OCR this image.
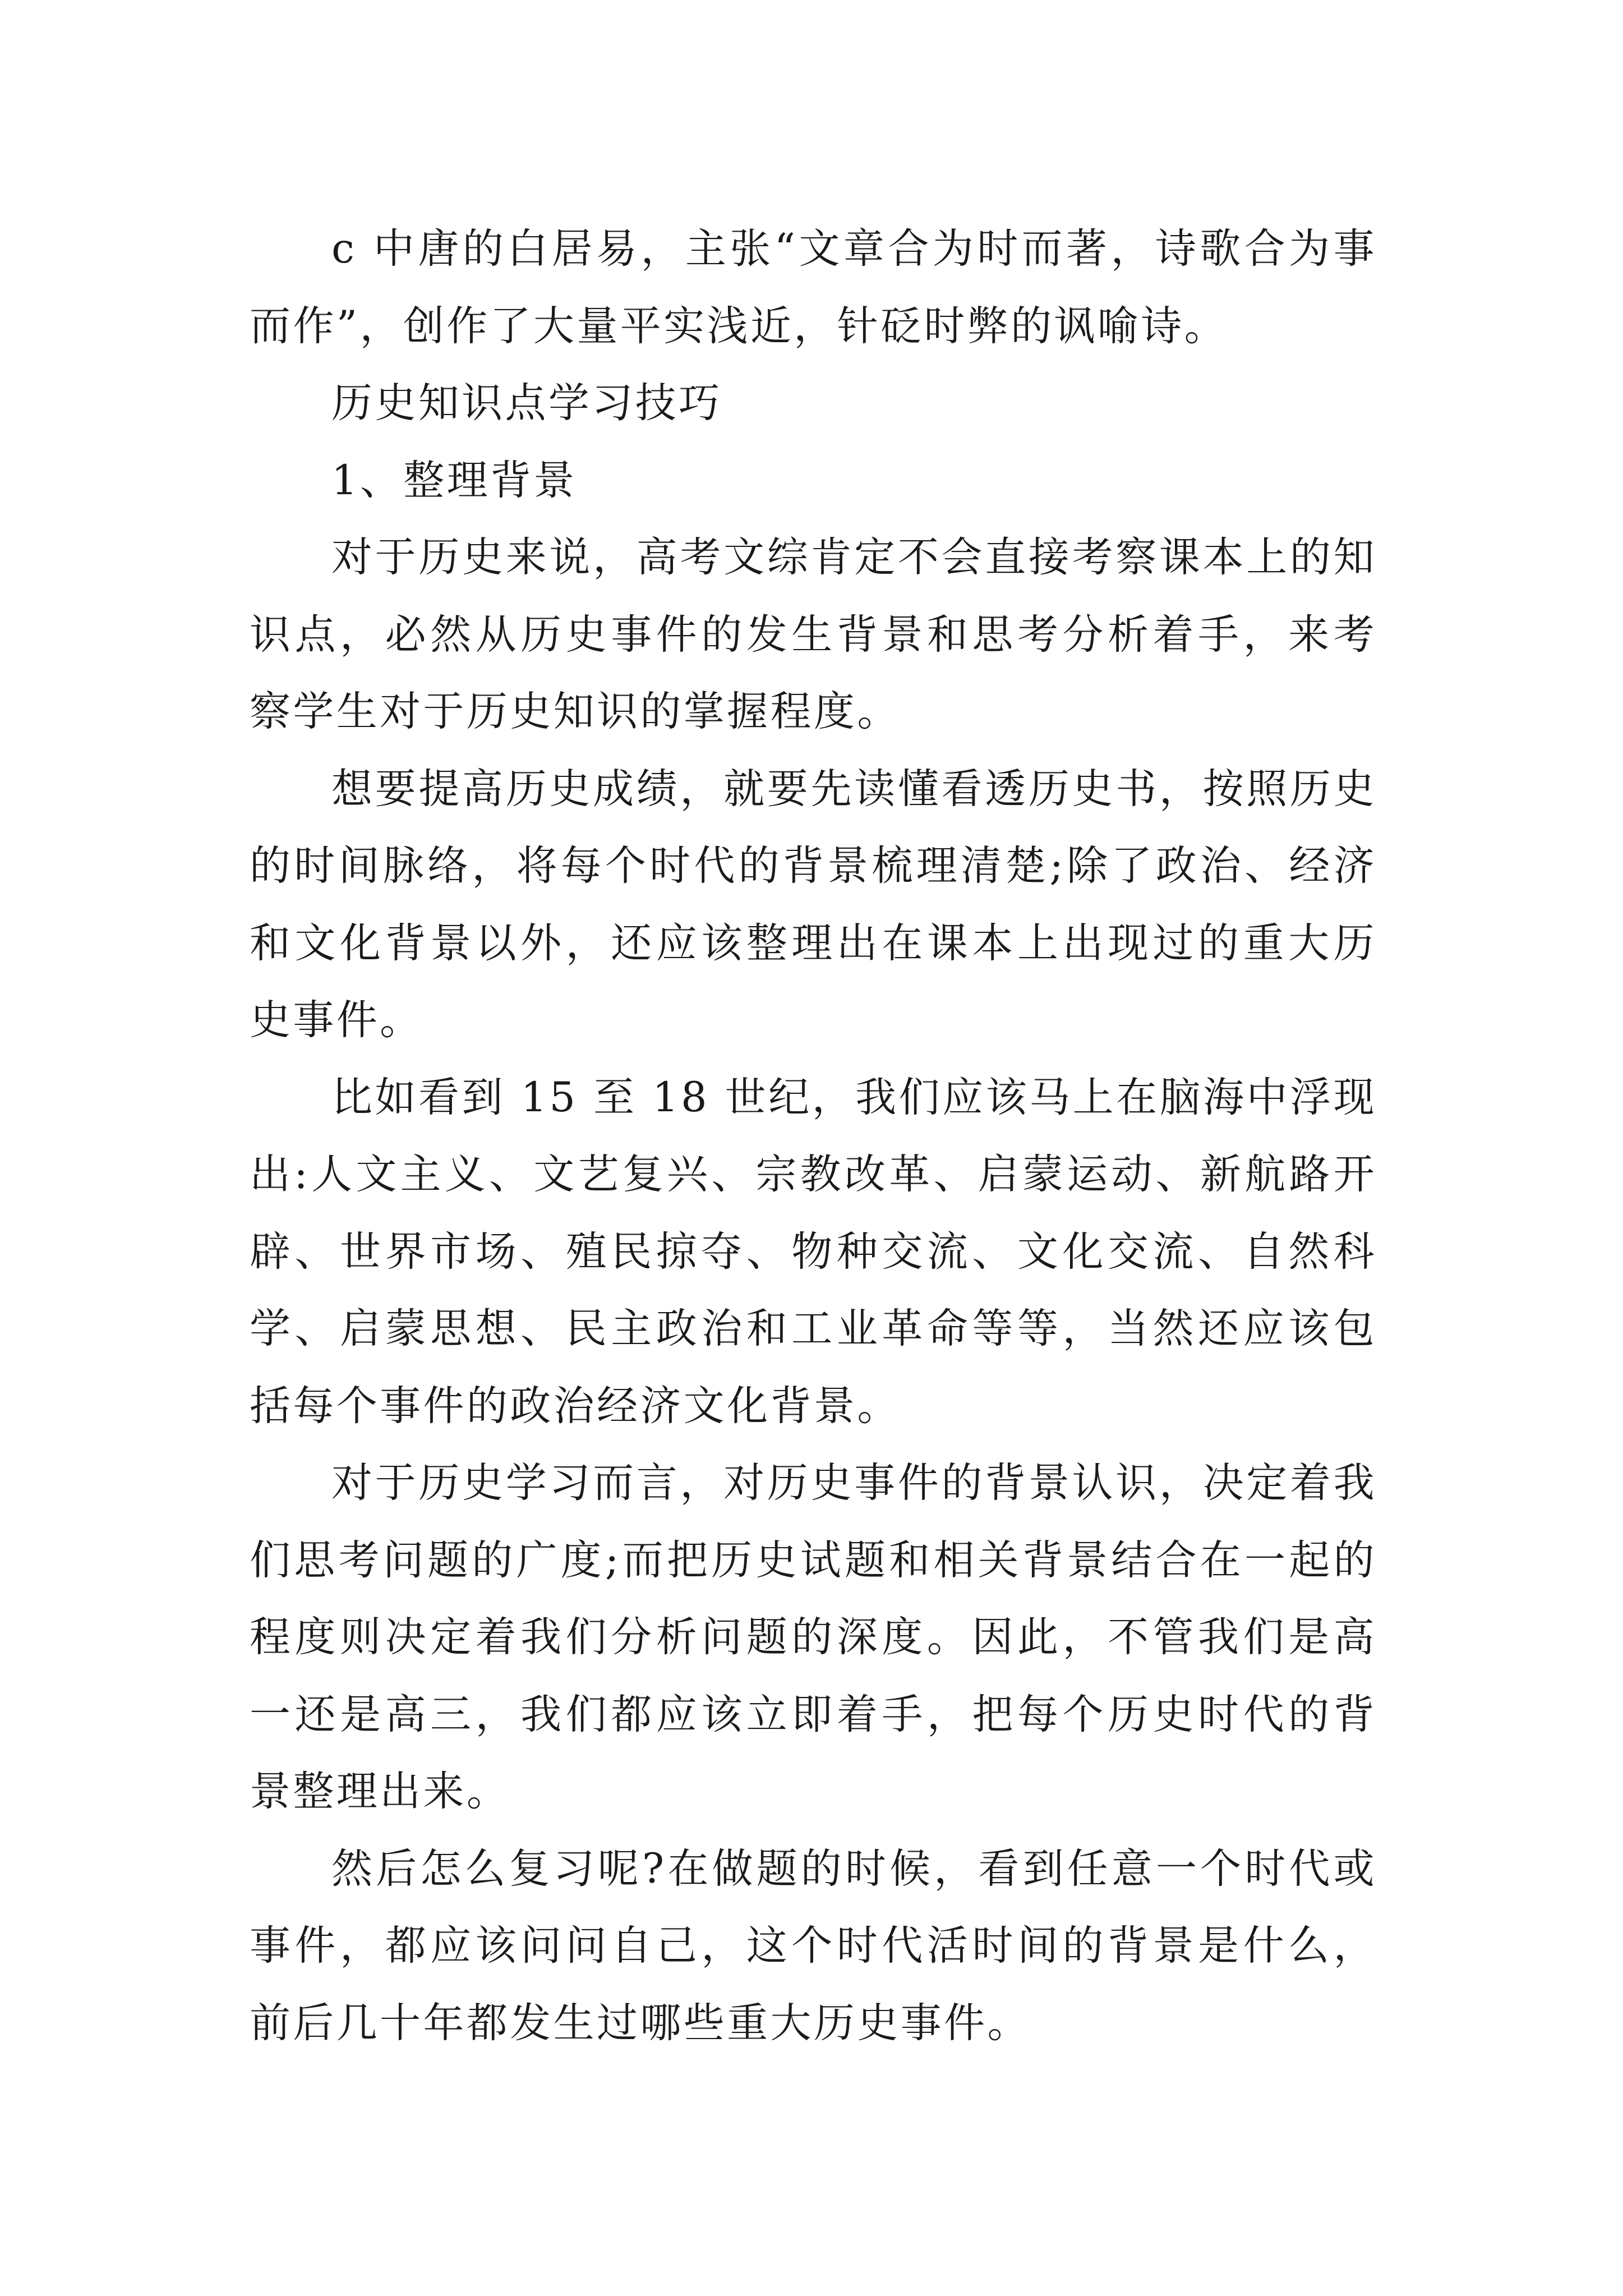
c 中唐的白居易，主张“文章合为时而著，诗歌合为事而作”，创作了大量平实浅近，针砭时弊的讽喻诗。

历史知识点学习技巧

1、整理背景

对于历史来说，高考文综肯定不会直接考察课本上的知识点，必然从历史事件的发生背景和思考分析着手，来考察学生对于历史知识的掌握程度。

想要提高历史成绩，就要先读懂看透历史书，按照历史的时间脉络，将每个时代的背景梳理清楚;除了政治、经济和文化背景以外，还应该整理出在课本上出现过的重大历史事件。

比如看到 15 至 18 世纪，我们应该马上在脑海中浮现出:人文主义、文艺复兴、宗教改革、启蒙运动、新航路开辟、世界市场、殖民掠夺、物种交流、文化交流、自然科学、启蒙思想、民主政治和工业革命等等，当然还应该包括每个事件的政治经济文化背景。

对于历史学习而言，对历史事件的背景认识，决定着我们思考问题的广度;而把历史试题和相关背景结合在一起的程度则决定着我们分析问题的深度。因此，不管我们是高一还是高三，我们都应该立即着手，把每个历史时代的背景整理出来。

然后怎么复习呢?在做题的时候，看到任意一个时代或事件，都应该问问自己，这个时代活时间的背景是什么，前后几十年都发生过哪些重大历史事件。
